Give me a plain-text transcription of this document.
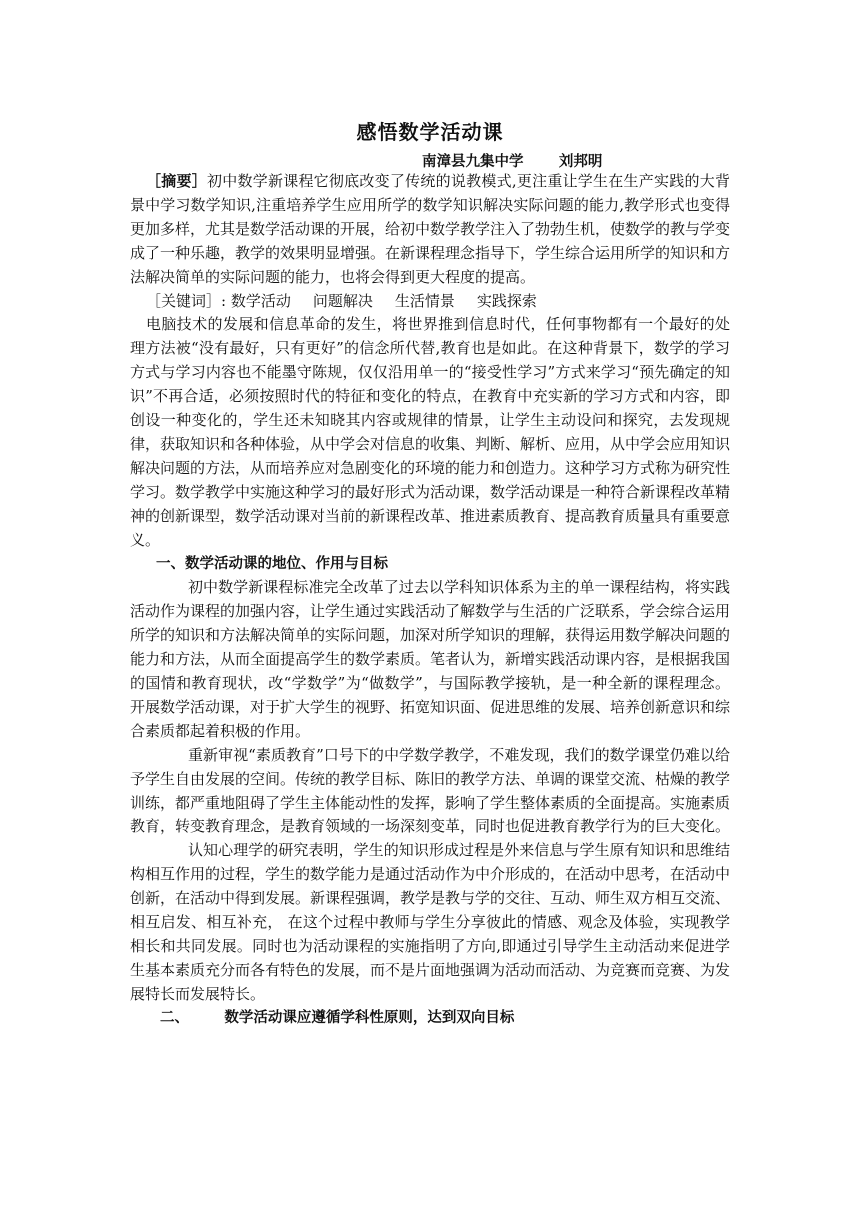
感悟数学活动课
南漳县九集中学       刘邦明

［摘要］初中数学新课程它彻底改变了传统的说教模式,更注重让学生在生产实践的大背景中学习数学知识,注重培养学生应用所学的数学知识解决实际问题的能力,教学形式也变得更加多样，尤其是数学活动课的开展，给初中数学教学注入了勃勃生机，使数学的教与学变成了一种乐趣，教学的效果明显增强。在新课程理念指导下，学生综合运用所学的知识和方法解决简单的实际问题的能力，也将会得到更大程度的提高。

［关键词］: 数学活动 问题解决 生活情景 实践探索

电脑技术的发展和信息革命的发生，将世界推到信息时代，任何事物都有一个最好的处理方法被“没有最好，只有更好”的信念所代替,教育也是如此。在这种背景下，数学的学习方式与学习内容也不能墨守陈规，仅仅沿用单一的“接受性学习”方式来学习“预先确定的知识”不再合适，必须按照时代的特征和变化的特点，在教育中充实新的学习方式和内容，即创设一种变化的，学生还未知晓其内容或规律的情景，让学生主动设问和探究，去发现规律，获取知识和各种体验，从中学会对信息的收集、判断、解析、应用，从中学会应用知识解决问题的方法，从而培养应对急剧变化的环境的能力和创造力。这种学习方式称为研究性学习。数学教学中实施这种学习的最好形式为活动课，数学活动课是一种符合新课程改革精神的创新课型，数学活动课对当前的新课程改革、推进素质教育、提高教育质量具有重要意义。

一、数学活动课的地位、作用与目标

初中数学新课程标准完全改革了过去以学科知识体系为主的单一课程结构，将实践活动作为课程的加强内容，让学生通过实践活动了解数学与生活的广泛联系，学会综合运用所学的知识和方法解决简单的实际问题，加深对所学知识的理解，获得运用数学解决问题的能力和方法，从而全面提高学生的数学素质。笔者认为，新增实践活动课内容，是根据我国的国情和教育现状，改“学数学”为“做数学”，与国际教学接轨，是一种全新的课程理念。开展数学活动课，对于扩大学生的视野、拓宽知识面、促进思维的发展、培养创新意识和综合素质都起着积极的作用。

重新审视“素质教育”口号下的中学数学教学，不难发现，我们的数学课堂仍难以给予学生自由发展的空间。传统的教学目标、陈旧的教学方法、单调的课堂交流、枯燥的教学训练，都严重地阻碍了学生主体能动性的发挥，影响了学生整体素质的全面提高。实施素质教育，转变教育理念，是教育领域的一场深刻变革，同时也促进教育教学行为的巨大变化。

认知心理学的研究表明，学生的知识形成过程是外来信息与学生原有知识和思维结构相互作用的过程，学生的数学能力是通过活动作为中介形成的，在活动中思考，在活动中创新，在活动中得到发展。新课程强调，教学是教与学的交往、互动、师生双方相互交流、相互启发、相互补充， 在这个过程中教师与学生分享彼此的情感、观念及体验，实现教学相长和共同发展。同时也为活动课程的实施指明了方向,即通过引导学生主动活动来促进学生基本素质充分而各有特色的发展，而不是片面地强调为活动而活动、为竞赛而竞赛、为发展特长而发展特长。

二、       数学活动课应遵循学科性原则，达到双向目标
